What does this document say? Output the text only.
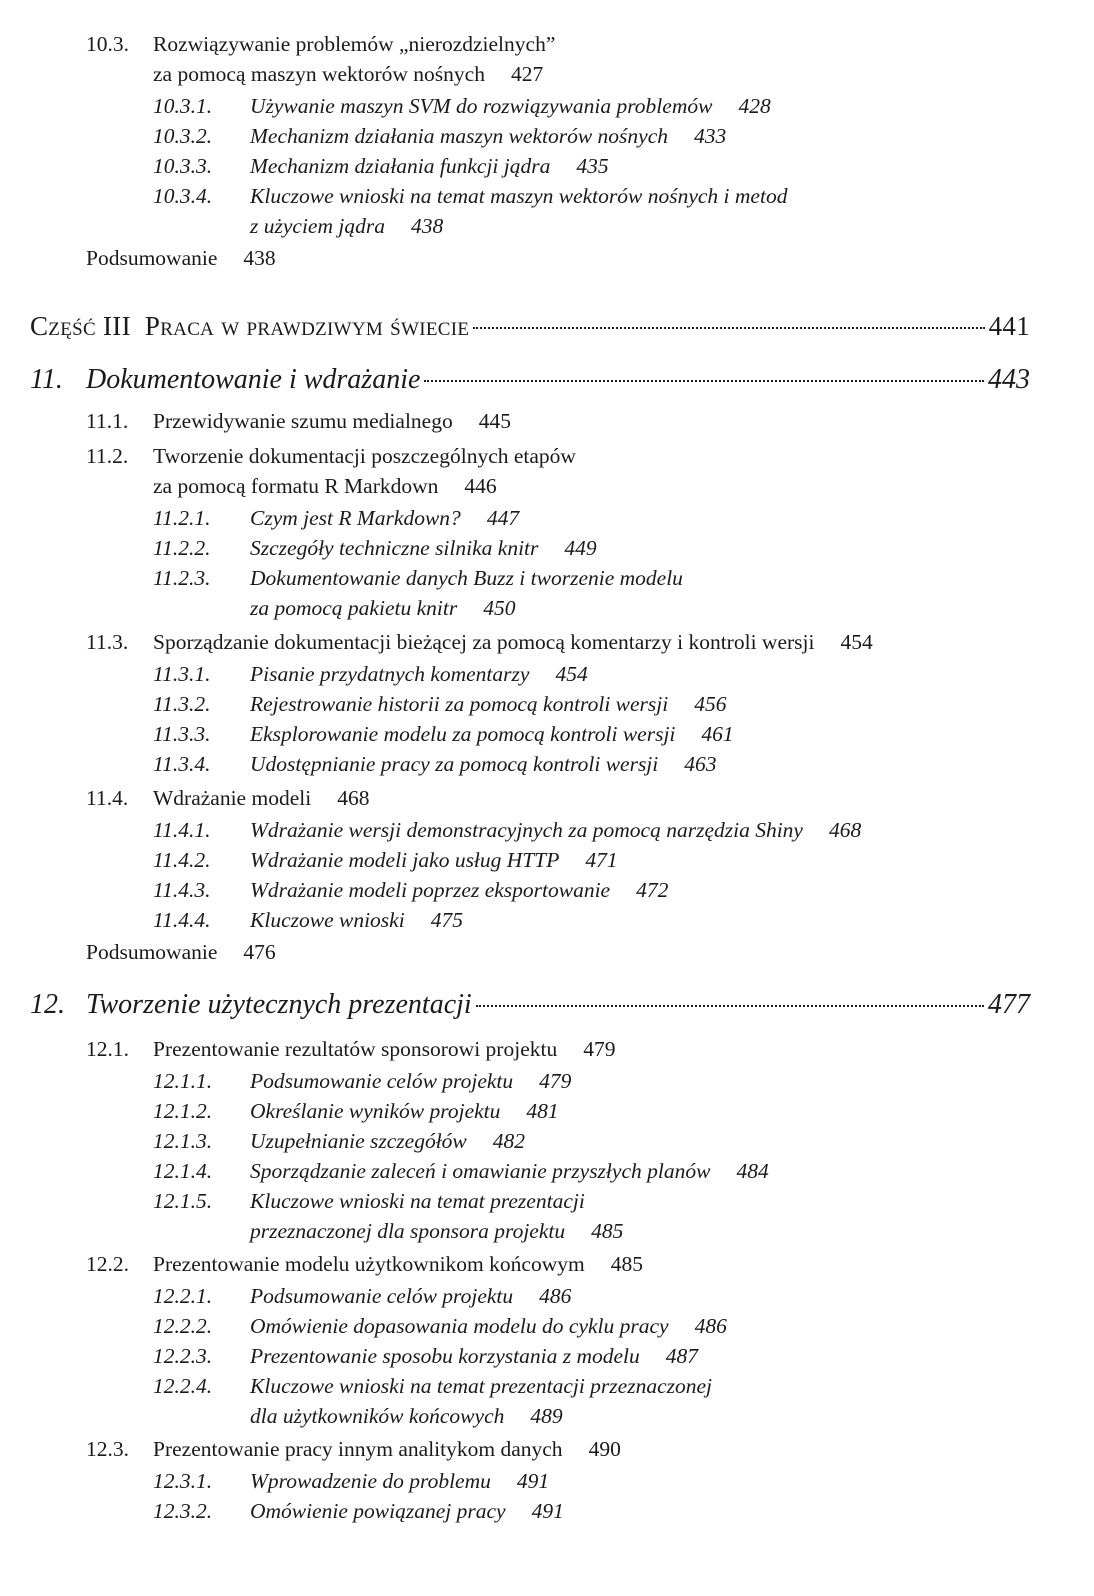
10.3. Rozwiązywanie problemów „nierozdzielnych”
za pomocą maszyn wektorów nośnych 427
10.3.1. Używanie maszyn SVM do rozwiązywania problemów 428
10.3.2. Mechanizm działania maszyn wektorów nośnych 433
10.3.3. Mechanizm działania funkcji jądra 435
10.3.4. Kluczowe wnioski na temat maszyn wektorów nośnych i metod
z użyciem jądra 438
Podsumowanie 438
Część III Praca w prawdziwym świecie	441
11. Dokumentowanie i wdrażanie	443
11.1. Przewidywanie szumu medialnego 445
11.2. Tworzenie dokumentacji poszczególnych etapów
za pomocą formatu R Markdown 446
11.2.1. Czym jest R Markdown? 447
11.2.2. Szczegóły techniczne silnika knitr 449
11.2.3. Dokumentowanie danych Buzz i tworzenie modelu
za pomocą pakietu knitr 450
11.3. Sporządzanie dokumentacji bieżącej za pomocą komentarzy i kontroli wersji 454
11.3.1. Pisanie przydatnych komentarzy 454
11.3.2. Rejestrowanie historii za pomocą kontroli wersji 456
11.3.3. Eksplorowanie modelu za pomocą kontroli wersji 461
11.3.4. Udostępnianie pracy za pomocą kontroli wersji 463
11.4. Wdrażanie modeli 468
11.4.1. Wdrażanie wersji demonstracyjnych za pomocą narzędzia Shiny 468
11.4.2. Wdrażanie modeli jako usług HTTP 471
11.4.3. Wdrażanie modeli poprzez eksportowanie 472
11.4.4. Kluczowe wnioski 475
Podsumowanie 476
12. Tworzenie użytecznych prezentacji	477
12.1. Prezentowanie rezultatów sponsorowi projektu 479
12.1.1. Podsumowanie celów projektu 479
12.1.2. Określanie wyników projektu 481
12.1.3. Uzupełnianie szczegółów 482
12.1.4. Sporządzanie zaleceń i omawianie przyszłych planów 484
12.1.5. Kluczowe wnioski na temat prezentacji
przeznaczonej dla sponsora projektu 485
12.2. Prezentowanie modelu użytkownikom końcowym 485
12.2.1. Podsumowanie celów projektu 486
12.2.2. Omówienie dopasowania modelu do cyklu pracy 486
12.2.3. Prezentowanie sposobu korzystania z modelu 487
12.2.4. Kluczowe wnioski na temat prezentacji przeznaczonej
dla użytkowników końcowych 489
12.3. Prezentowanie pracy innym analitykom danych 490
12.3.1. Wprowadzenie do problemu 491
12.3.2. Omówienie powiązanej pracy 491
